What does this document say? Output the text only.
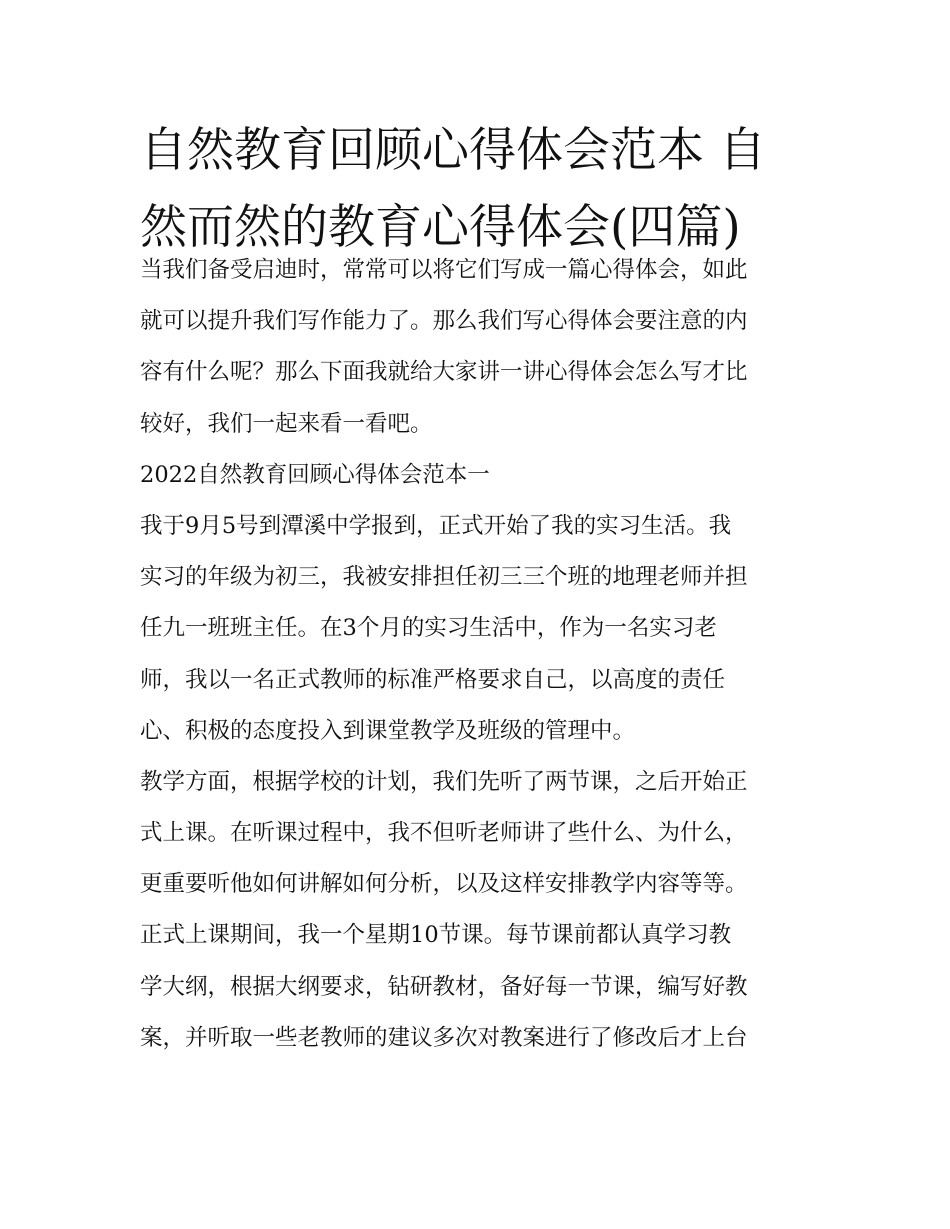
自然教育回顾心得体会范本 自
然而然的教育心得体会(四篇)
当我们备受启迪时，常常可以将它们写成一篇心得体会，如此
就可以提升我们写作能力了。那么我们写心得体会要注意的内
容有什么呢？那么下面我就给大家讲一讲心得体会怎么写才比
较好，我们一起来看一看吧。
2022自然教育回顾心得体会范本一
我于9月5号到潭溪中学报到，正式开始了我的实习生活。我
实习的年级为初三，我被安排担任初三三个班的地理老师并担
任九一班班主任。在3个月的实习生活中，作为一名实习老
师，我以一名正式教师的标准严格要求自己，以高度的责任
心、积极的态度投入到课堂教学及班级的管理中。
教学方面，根据学校的计划，我们先听了两节课，之后开始正
式上课。在听课过程中，我不但听老师讲了些什么、为什么，
更重要听他如何讲解如何分析，以及这样安排教学内容等等。
正式上课期间，我一个星期10节课。每节课前都认真学习教
学大纲，根据大纲要求，钻研教材，备好每一节课，编写好教
案，并听取一些老教师的建议多次对教案进行了修改后才上台
